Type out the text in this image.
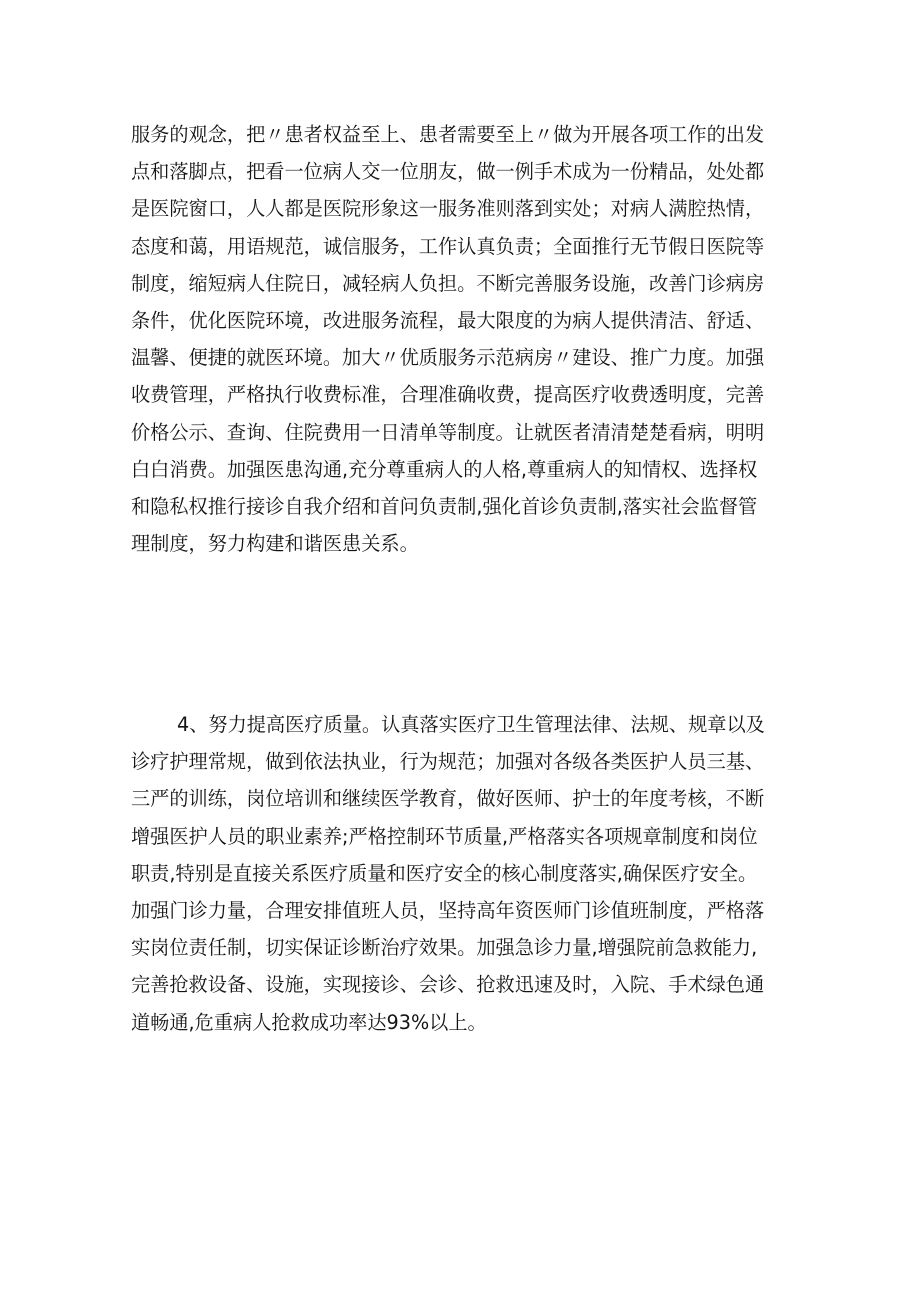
服务的观念，把〃患者权益至上、患者需要至上〃做为开展各项工作的出发
点和落脚点，把看一位病人交一位朋友，做一例手术成为一份精品，处处都
是医院窗口，人人都是医院形象这一服务准则落到实处；对病人满腔热情，
态度和蔼，用语规范，诚信服务，工作认真负责；全面推行无节假日医院等
制度，缩短病人住院日，减轻病人负担。不断完善服务设施，改善门诊病房
条件，优化医院环境，改进服务流程，最大限度的为病人提供清洁、舒适、
温馨、便捷的就医环境。加大〃优质服务示范病房〃建设、推广力度。加强
收费管理，严格执行收费标准，合理准确收费，提高医疗收费透明度，完善
价格公示、查询、住院费用一日清单等制度。让就医者清清楚楚看病，明明
白白消费。加强医患沟通,充分尊重病人的人格,尊重病人的知情权、选择权
和隐私权推行接诊自我介绍和首问负责制,强化首诊负责制,落实社会监督管
理制度，努力构建和谐医患关系。
4、努力提高医疗质量。认真落实医疗卫生管理法律、法规、规章以及
诊疗护理常规，做到依法执业，行为规范；加强对各级各类医护人员三基、
三严的训练，岗位培训和继续医学教育，做好医师、护士的年度考核，不断
增强医护人员的职业素养;严格控制环节质量,严格落实各项规章制度和岗位
职责,特别是直接关系医疗质量和医疗安全的核心制度落实,确保医疗安全。
加强门诊力量，合理安排值班人员，坚持高年资医师门诊值班制度，严格落
实岗位责任制，切实保证诊断治疗效果。加强急诊力量,增强院前急救能力,
完善抢救设备、设施，实现接诊、会诊、抢救迅速及时，入院、手术绿色通
道畅通,危重病人抢救成功率达93%以上。
